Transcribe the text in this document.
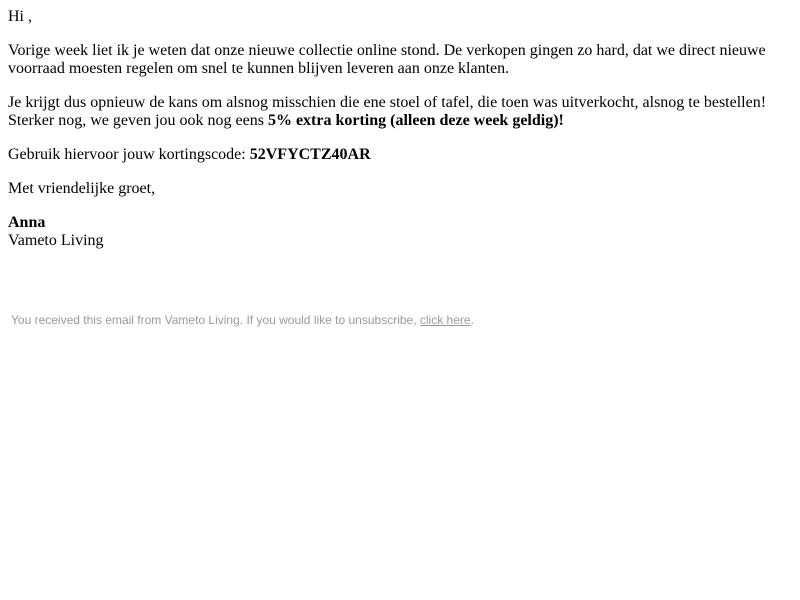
Hi ,

Vorige week liet ik je weten dat onze nieuwe collectie online stond. De verkopen gingen zo hard, dat we direct nieuwe voorraad moesten regelen om snel te kunnen blijven leveren aan onze klanten.

Je krijgt dus opnieuw de kans om alsnog misschien die ene stoel of tafel, die toen was uitverkocht, alsnog te bestellen! Sterker nog, we geven jou ook nog eens 5% extra korting (alleen deze week geldig)!

Gebruik hiervoor jouw kortingscode: 52VFYCTZ40AR

Met vriendelijke groet,

Anna
Vameto Living

You received this email from Vameto Living. If you would like to unsubscribe, click here.
